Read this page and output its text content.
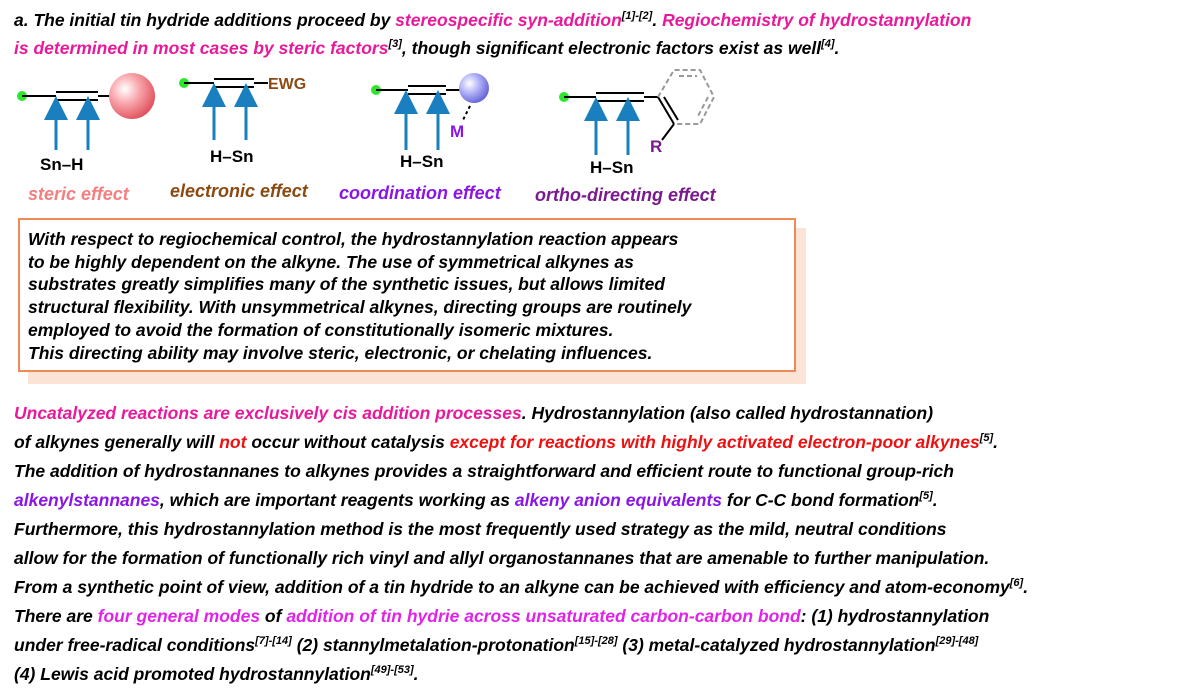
a. The initial tin hydride additions proceed by stereospecific syn-addition[1]-[2]. Regiochemistry of hydrostannylation
is determined in most cases by steric factors[3], though significant electronic factors exist as well[4].

Sn–H
steric effect
EWG
H–Sn
electronic effect
M
H–Sn
coordination effect
R
H–Sn
ortho-directing effect
With respect to regiochemical control, the hydrostannylation reaction appears
to be highly dependent on the alkyne. The use of symmetrical alkynes as
substrates greatly simplifies many of the synthetic issues, but allows limited
structural flexibility. With unsymmetrical alkynes, directing groups are routinely
employed to avoid the formation of constitutionally isomeric mixtures.
This directing ability may involve steric, electronic, or chelating influences.
Uncatalyzed reactions are exclusively cis addition processes. Hydrostannylation (also called hydrostannation)
of alkynes generally will not occur without catalysis except for reactions with highly activated electron-poor alkynes[5].
The addition of hydrostannanes to alkynes provides a straightforward and efficient route to functional group-rich
alkenylstannanes, which are important reagents working as alkeny anion equivalents for C-C bond formation[5].
Furthermore, this hydrostannylation method is the most frequently used strategy as the mild, neutral conditions
allow for the formation of functionally rich vinyl and allyl organostannanes that are amenable to further manipulation.
From a synthetic point of view, addition of a tin hydride to an alkyne can be achieved with efficiency and atom-economy[6].
There are four general modes of addition of tin hydrie across unsaturated carbon-carbon bond: (1) hydrostannylation
under free-radical conditions[7]-[14] (2) stannylmetalation-protonation[15]-[28] (3) metal-catalyzed hydrostannylation[29]-[48]
(4) Lewis acid promoted hydrostannylation[49]-[53].
